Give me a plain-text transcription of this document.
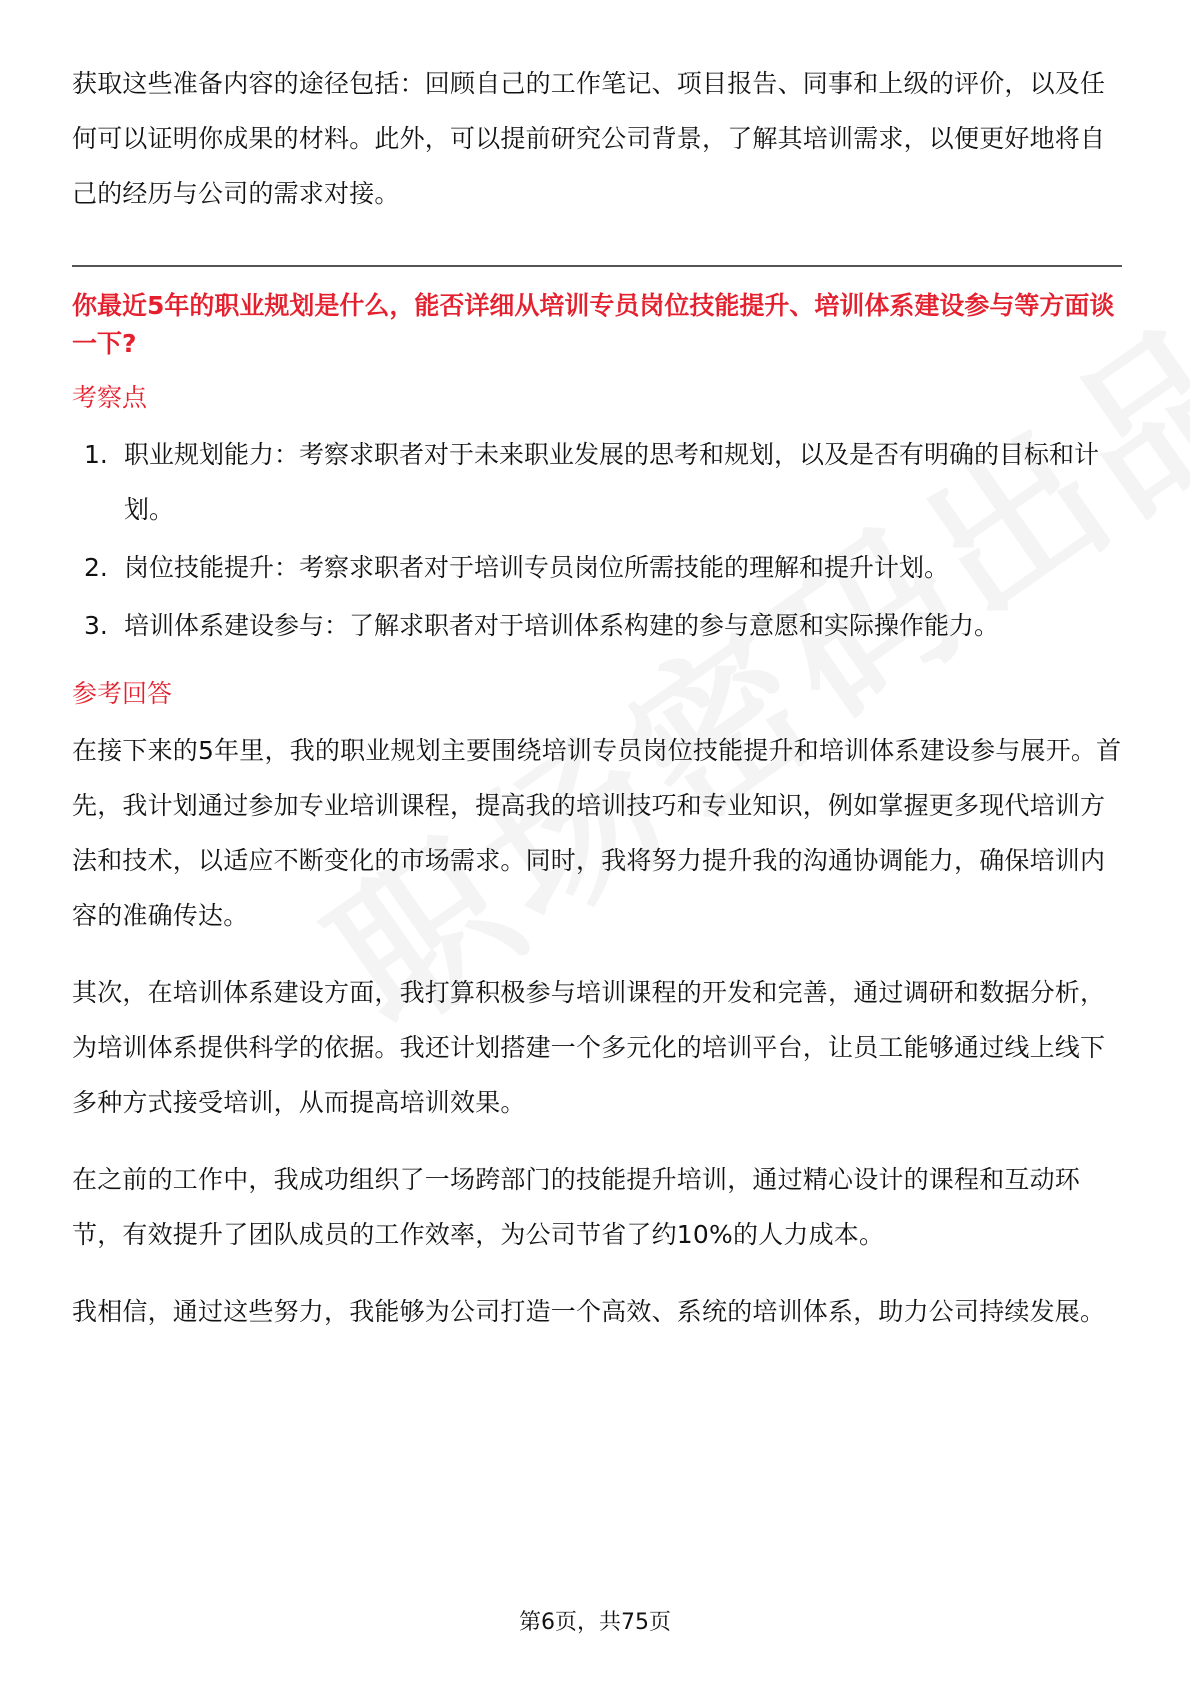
获取这些准备内容的途径包括：回顾自己的工作笔记、项目报告、同事和上级的评价，以及任何可以证明你成果的材料。此外，可以提前研究公司背景，了解其培训需求，以便更好地将自己的经历与公司的需求对接。

你最近5年的职业规划是什么，能否详细从培训专员岗位技能提升、培训体系建设参与等方面谈一下?

考察点
1. 职业规划能力：考察求职者对于未来职业发展的思考和规划，以及是否有明确的目标和计划。
2. 岗位技能提升：考察求职者对于培训专员岗位所需技能的理解和提升计划。
3. 培训体系建设参与：了解求职者对于培训体系构建的参与意愿和实际操作能力。
参考回答

在接下来的5年里，我的职业规划主要围绕培训专员岗位技能提升和培训体系建设参与展开。首先，我计划通过参加专业培训课程，提高我的培训技巧和专业知识，例如掌握更多现代培训方法和技术，以适应不断变化的市场需求。同时，我将努力提升我的沟通协调能力，确保培训内容的准确传达。

其次，在培训体系建设方面，我打算积极参与培训课程的开发和完善，通过调研和数据分析，为培训体系提供科学的依据。我还计划搭建一个多元化的培训平台，让员工能够通过线上线下多种方式接受培训，从而提高培训效果。

在之前的工作中，我成功组织了一场跨部门的技能提升培训，通过精心设计的课程和互动环节，有效提升了团队成员的工作效率，为公司节省了约10%的人力成本。

我相信，通过这些努力，我能够为公司打造一个高效、系统的培训体系，助力公司持续发展。

第6页，共75页
